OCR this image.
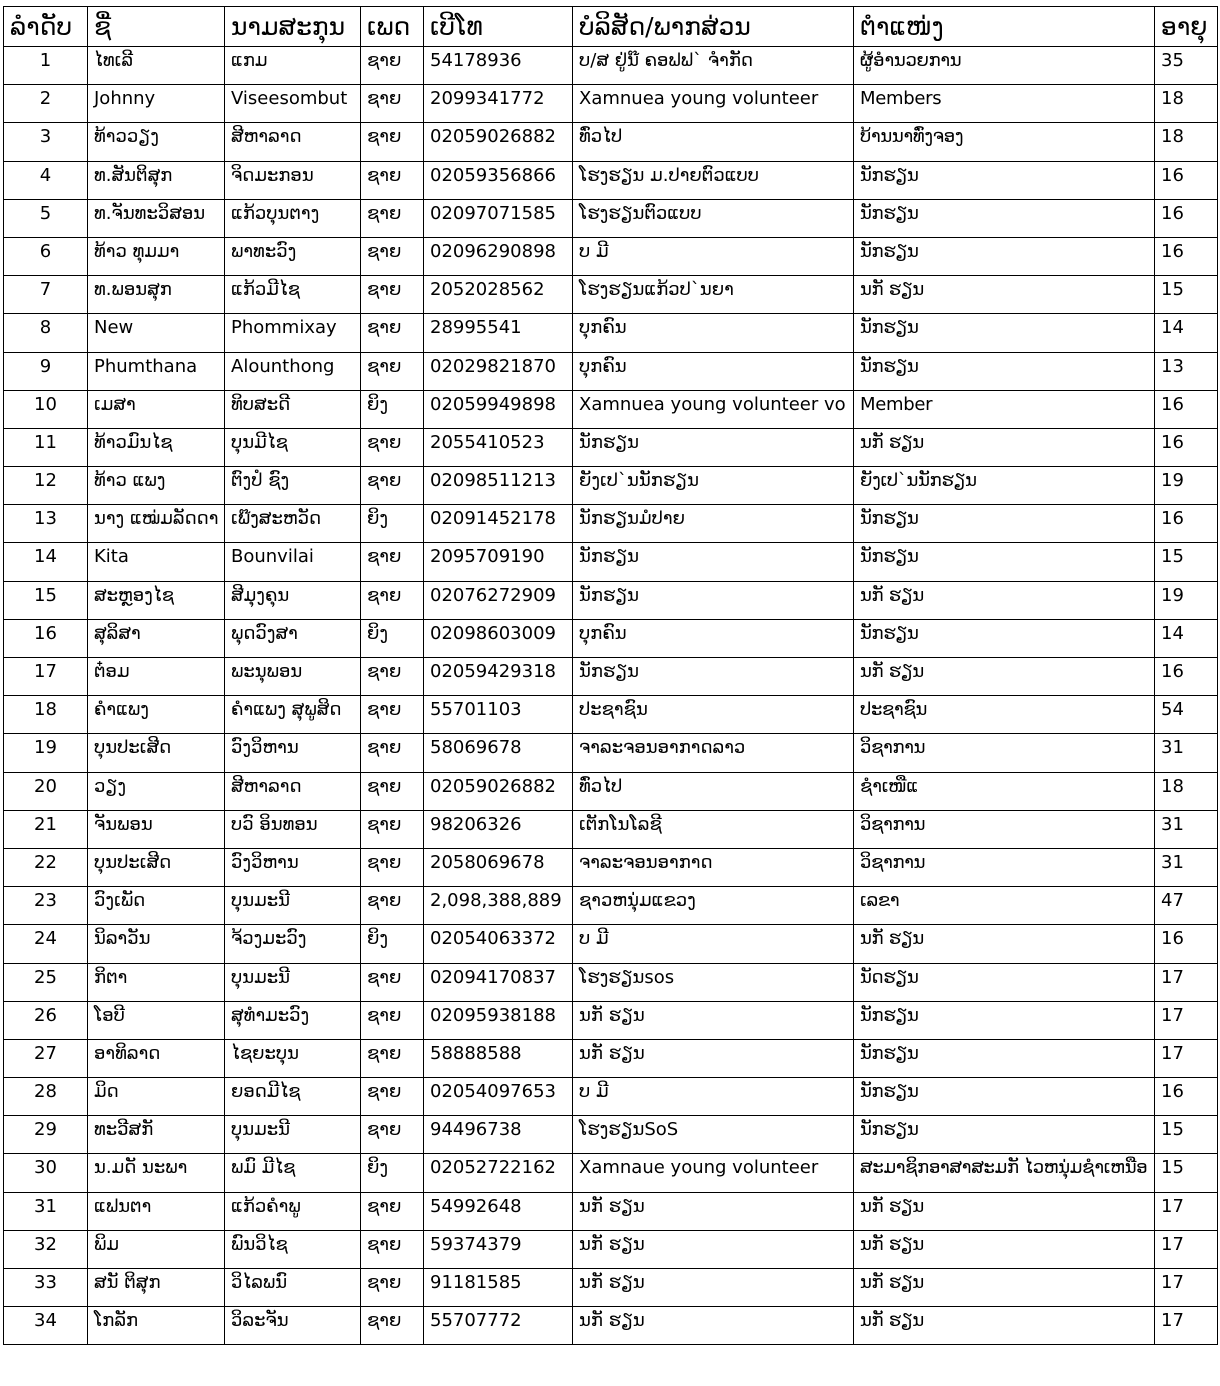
ລຳດັບ	ຊື່	ນາມສະກຸນ	ເພດ	ເບີໂທ	ບໍລິສັດ/ພາກສ່ວນ	ຕຳແໜ່ງ	ອາຍຸ
1	ໄທເລີ	ແກມ	ຊາຍ	54178936	ບ/ສ ຢູ່ນ໊ ຄອຟຟ` ຈຳກັດ	ຜູ້ອຳນວຍການ	35
2	Johnny	Viseesombut	ຊາຍ	2099341772	Xamnuea young volunteer	Members	18
3	ທ້າວວຽງ	ສີຫາລາດ	ຊາຍ	02059026882	ທົ່ວໄປ	ບ້ານນາທົ່ງຈອງ	18
4	ທ.ສັນຕິສຸກ	ຈິດມະກອນ	ຊາຍ	02059356866	ໂຮງຮຽນ ມ.ປາຍຕົວແບບ	ນັກຮຽນ	16
5	ທ.ຈັນທະວິສອນ	ແກ້ວບຸນຕາງ	ຊາຍ	02097071585	ໂຮງຮຽນຕົວແບບ	ນັກຮຽນ	16
6	ທ້າວ ທຸມມາ	ພາທະວົງ	ຊາຍ	02096290898	ບ ມີ	ນັກຮຽນ	16
7	ທ.ພອນສຸກ	ແກ້ວມີໄຊ	ຊາຍ	2052028562	ໂຮງຮຽນແກ້ວປ`ນຍາ	ນກັ ຮຽນ	15
8	New	Phommixay	ຊາຍ	28995541	ບຸກຄົນ	ນັກຮຽນ	14
9	Phumthana	Alounthong	ຊາຍ	02029821870	ບຸກຄົນ	ນັກຮຽນ	13
10	ເມສາ	ທິບສະດີ	ຍິງ	02059949898	Xamnuea young volunteer vo	Member	16
11	ທ້າວມົນໄຊ	ບຸນມີໄຊ	ຊາຍ	2055410523	ນັກຮຽນ	ນກັ ຮຽນ	16
12	ທ້າວ ແພງ	ຕົງປໍ ຊົງ	ຊາຍ	02098511213	ຍັງເປ`ນນັກຮຽນ	ຍັງເປ`ນນັກຮຽນ	19
13	ນາງ ແໝ່ມລັດດາ	ເພ໊ງສະຫວັດ	ຍິງ	02091452178	ນັກຮຽນມໍປາຍ	ນັກຮຽນ	16
14	Kita	Bounvilai	ຊາຍ	2095709190	ນັກຮຽນ	ນັກຮຽນ	15
15	ສະຫຼອງໄຊ	ສີມຸງຄຸນ	ຊາຍ	02076272909	ນັກຮຽນ	ນກັ ຮຽນ	19
16	ສຸລິສາ	ພຸດວົງສາ	ຍິງ	02098603009	ບຸກຄົນ	ນັກຮຽນ	14
17	ຕ໋ອມ	ພະນຸພອນ	ຊາຍ	02059429318	ນັກຮຽນ	ນກັ ຮຽນ	16
18	ຄຳແພງ	ຄຳແພງ ສຸພູສິດ	ຊາຍ	55701103	ປະຊາຊົນ	ປະຊາຊົນ	54
19	ບຸນປະເສີດ	ວົງວິຫານ	ຊາຍ	58069678	ຈາລະຈອນອາກາດລາວ	ວິຊາການ	31
20	ວຽງ	ສີຫາລາດ	ຊາຍ	02059026882	ທົ່ວໄປ	ຊຳເໜືແ	18
21	ຈັນພອນ	ບວົ ອິນທອນ	ຊາຍ	98206326	ເຕັກໂນໂລຊີ	ວິຊາການ	31
22	ບຸນປະເສີດ	ວົງວິຫານ	ຊາຍ	2058069678	ຈາລະຈອນອາກາດ	ວິຊາການ	31
23	ວົງເພັດ	ບຸນມະນີ	ຊາຍ	2,098,388,889	ຊາວຫນຸ່ມແຂວງ	ເລຂາ	47
24	ນິລາວັນ	ຈ້ວງມະວົງ	ຍິງ	02054063372	ບ ມີ	ນກັ ຮຽນ	16
25	ກິຕາ	ບຸນມະນີ	ຊາຍ	02094170837	ໂຮງຮຽນsos	ນັດຮຽນ	17
26	ໂອບີ	ສຸທຳມະວົງ	ຊາຍ	02095938188	ນກັ ຮຽນ	ນັກຮຽນ	17
27	ອາທິລາດ	ໄຊຍະບຸນ	ຊາຍ	58888588	ນກັ ຮຽນ	ນັກຮຽນ	17
28	ມິດ	ຍອດມີໄຊ	ຊາຍ	02054097653	ບ ມີ	ນັກຮຽນ	16
29	ທະວີສກັ	ບຸນມະນີ	ຊາຍ	94496738	ໂຮງຮຽນSoS	ນັກຮຽນ	15
30	ນ.ມດັ ນະພາ	ພມົ ມີໄຊ	ຍິງ	02052722162	Xamnaue young volunteer	ສະມາຊິກອາສາສະມກັ ໄວຫນຸ່ມຊຳເຫນືອ	15
31	ແຟນຕາ	ແກ້ວຄຳພູ	ຊາຍ	54992648	ນກັ ຮຽນ	ນກັ ຮຽນ	17
32	ພິມ	ພົນວິໄຊ	ຊາຍ	59374379	ນກັ ຮຽນ	ນກັ ຮຽນ	17
33	ສນັ ຕິສຸກ	ວິໄລພນົ	ຊາຍ	91181585	ນກັ ຮຽນ	ນກັ ຮຽນ	17
34	ໂກລັກ	ວິລະຈັນ	ຊາຍ	55707772	ນກັ ຮຽນ	ນກັ ຮຽນ	17
